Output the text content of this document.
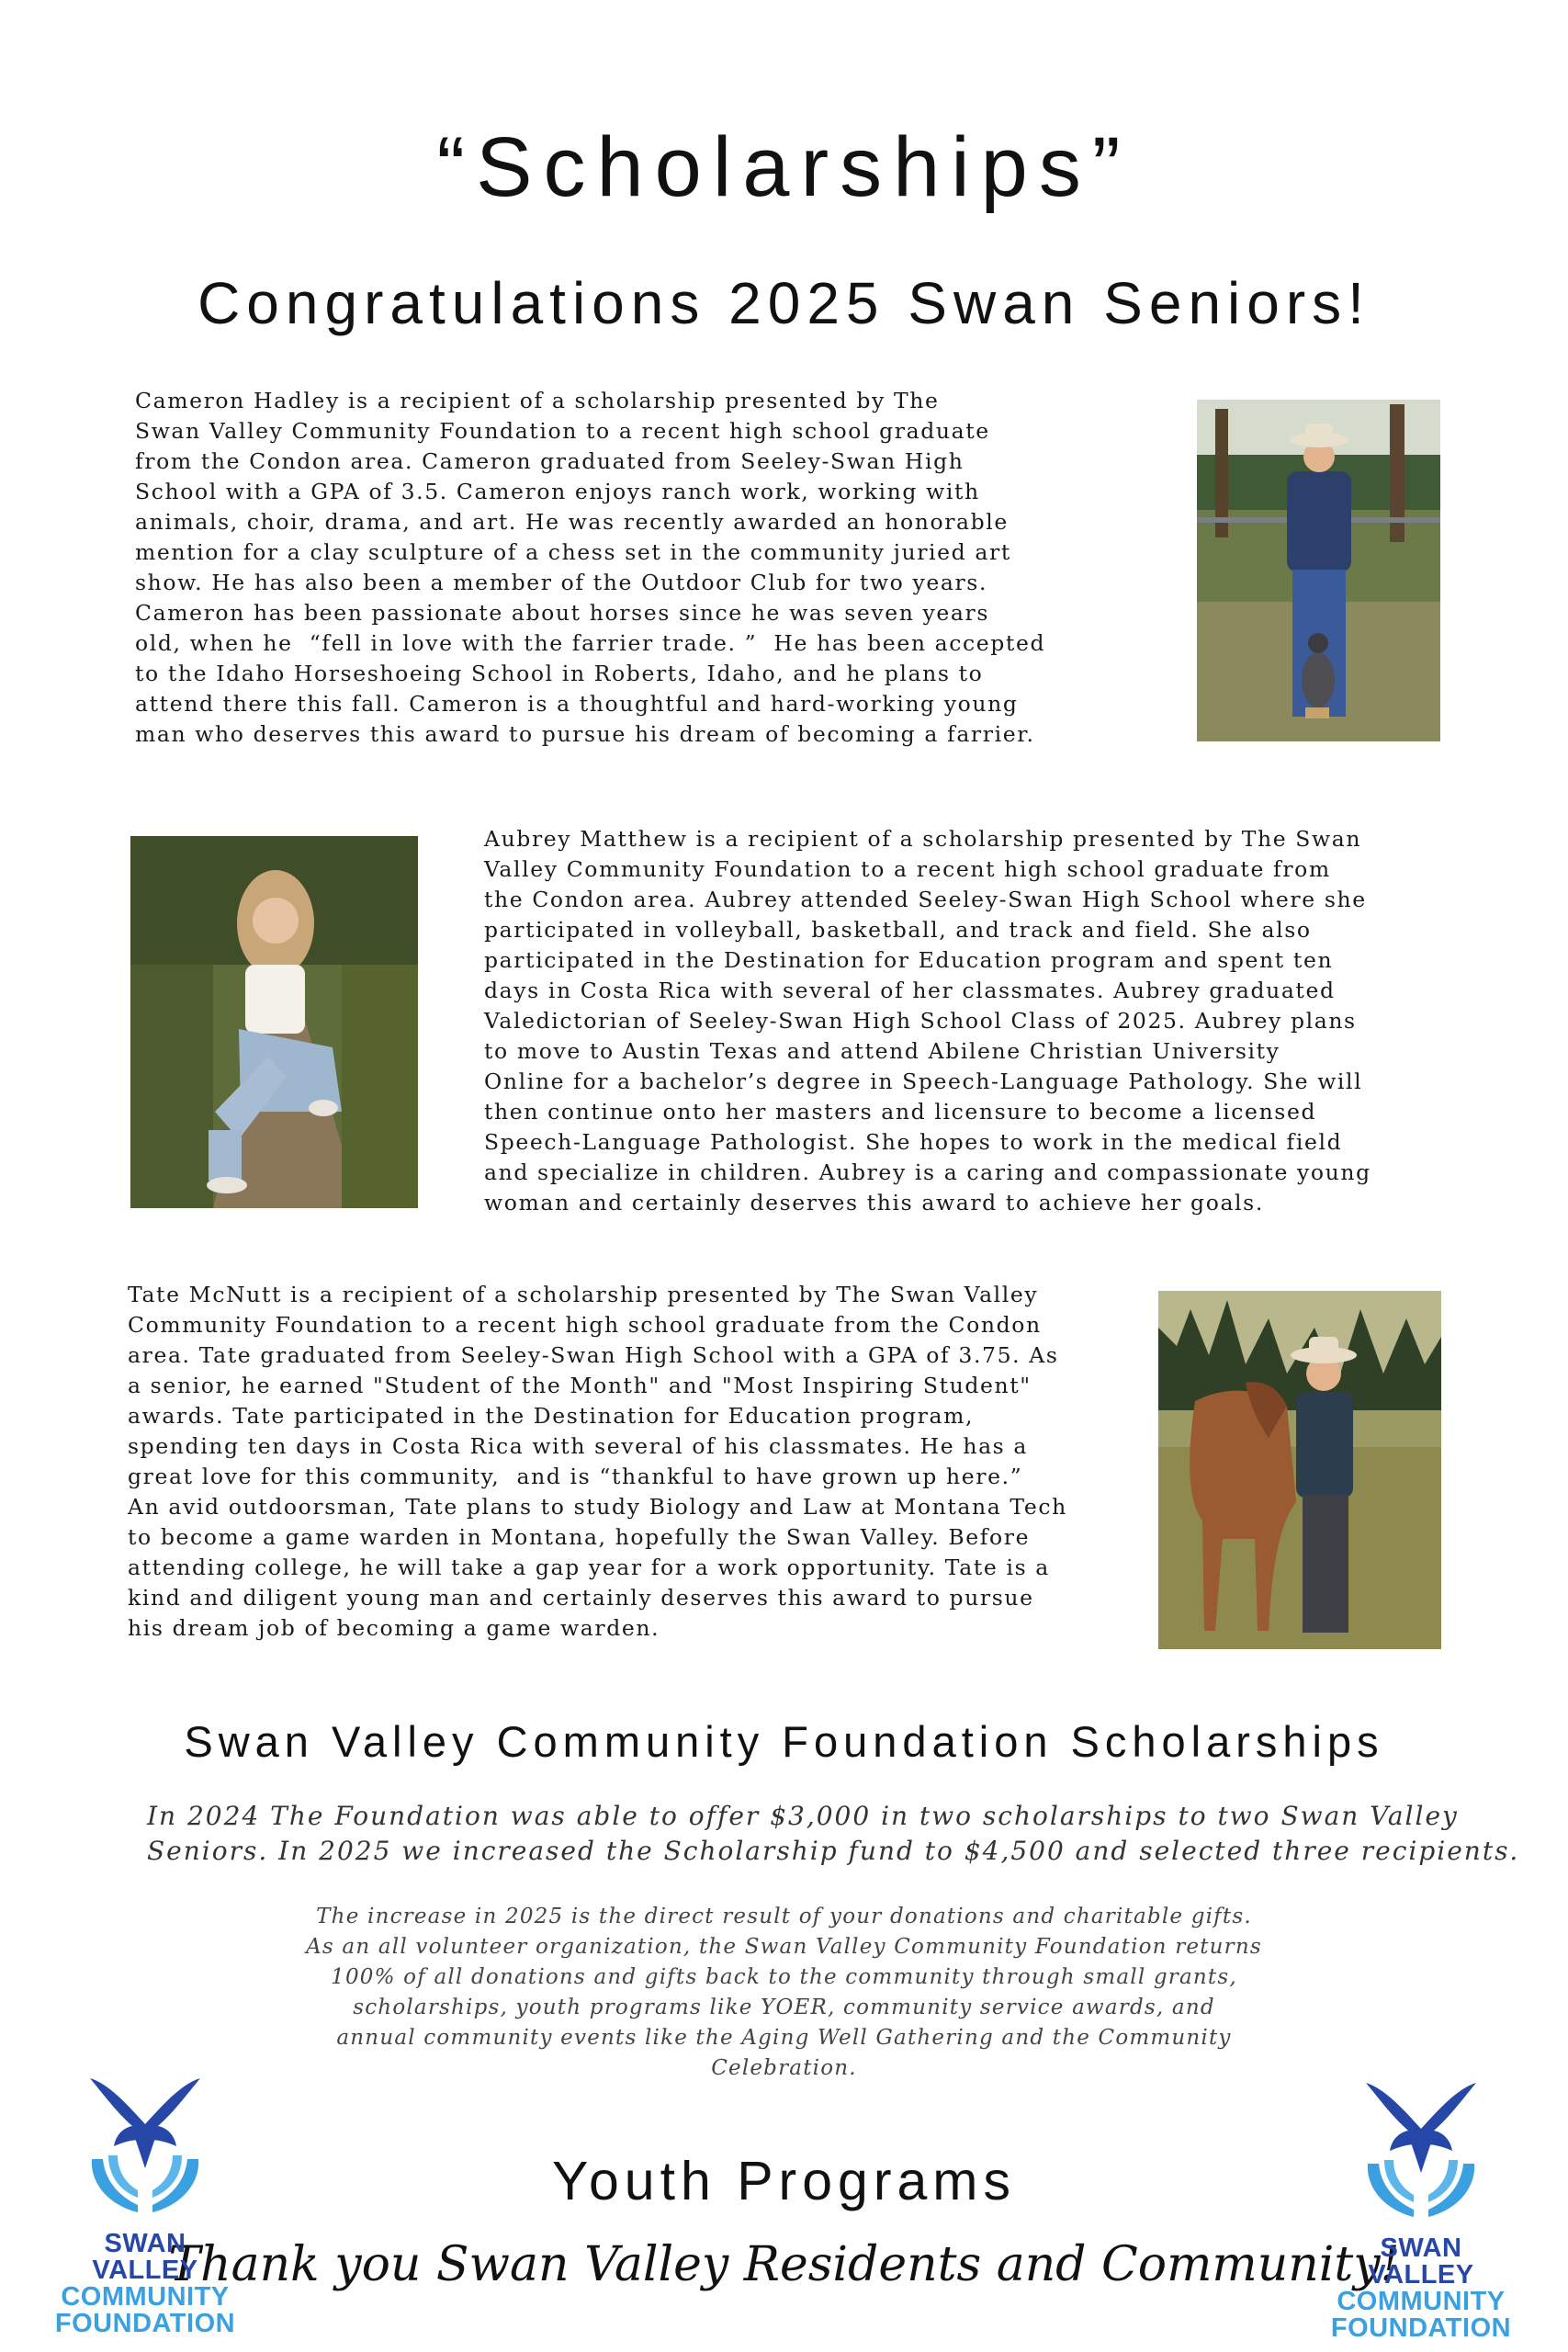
“Scholarships”
Congratulations 2025 Swan Seniors!

Cameron Hadley is a recipient of a scholarship presented by The
Swan Valley Community Foundation to a recent high school graduate
from the Condon area. Cameron graduated from Seeley-Swan High
School with a GPA of 3.5. Cameron enjoys ranch work, working with
animals, choir, drama, and art. He was recently awarded an honorable
mention for a clay sculpture of a chess set in the community juried art
show. He has also been a member of the Outdoor Club for two years.
Cameron has been passionate about horses since he was seven years
old, when he  “fell in love with the farrier trade. ”  He has been accepted
to the Idaho Horseshoeing School in Roberts, Idaho, and he plans to
attend there this fall. Cameron is a thoughtful and hard-working young
man who deserves this award to pursue his dream of becoming a farrier.

Aubrey Matthew is a recipient of a scholarship presented by The Swan
Valley Community Foundation to a recent high school graduate from
the Condon area. Aubrey attended Seeley-Swan High School where she
participated in volleyball, basketball, and track and field. She also
participated in the Destination for Education program and spent ten
days in Costa Rica with several of her classmates. Aubrey graduated
Valedictorian of Seeley-Swan High School Class of 2025. Aubrey plans
to move to Austin Texas and attend Abilene Christian University
Online for a bachelor’s degree in Speech-Language Pathology. She will
then continue onto her masters and licensure to become a licensed
Speech-Language Pathologist. She hopes to work in the medical field
and specialize in children. Aubrey is a caring and compassionate young
woman and certainly deserves this award to achieve her goals.

Tate McNutt is a recipient of a scholarship presented by The Swan Valley
Community Foundation to a recent high school graduate from the Condon
area. Tate graduated from Seeley-Swan High School with a GPA of 3.75. As
a senior, he earned "Student of the Month" and "Most Inspiring Student"
awards. Tate participated in the Destination for Education program,
spending ten days in Costa Rica with several of his classmates. He has a
great love for this community,  and is “thankful to have grown up here.”
An avid outdoorsman, Tate plans to study Biology and Law at Montana Tech
to become a game warden in Montana, hopefully the Swan Valley. Before
attending college, he will take a gap year for a work opportunity. Tate is a
kind and diligent young man and certainly deserves this award to pursue
his dream job of becoming a game warden.

Swan Valley Community Foundation Scholarships

In 2024 The Foundation was able to offer $3,000 in two scholarships to two Swan Valley
Seniors. In 2025 we increased the Scholarship fund to $4,500 and selected three recipients.

The increase in 2025 is the direct result of your donations and charitable gifts.
As an all volunteer organization, the Swan Valley Community Foundation returns
100% of all donations and gifts back to the community through small grants,
scholarships, youth programs like YOER, community service awards, and
annual community events like the Aging Well Gathering and the Community
Celebration.

Youth Programs
Thank you Swan Valley Residents and Community!
SWAN VALLEY
COMMUNITY
FOUNDATION
SWAN VALLEY
COMMUNITY
FOUNDATION
